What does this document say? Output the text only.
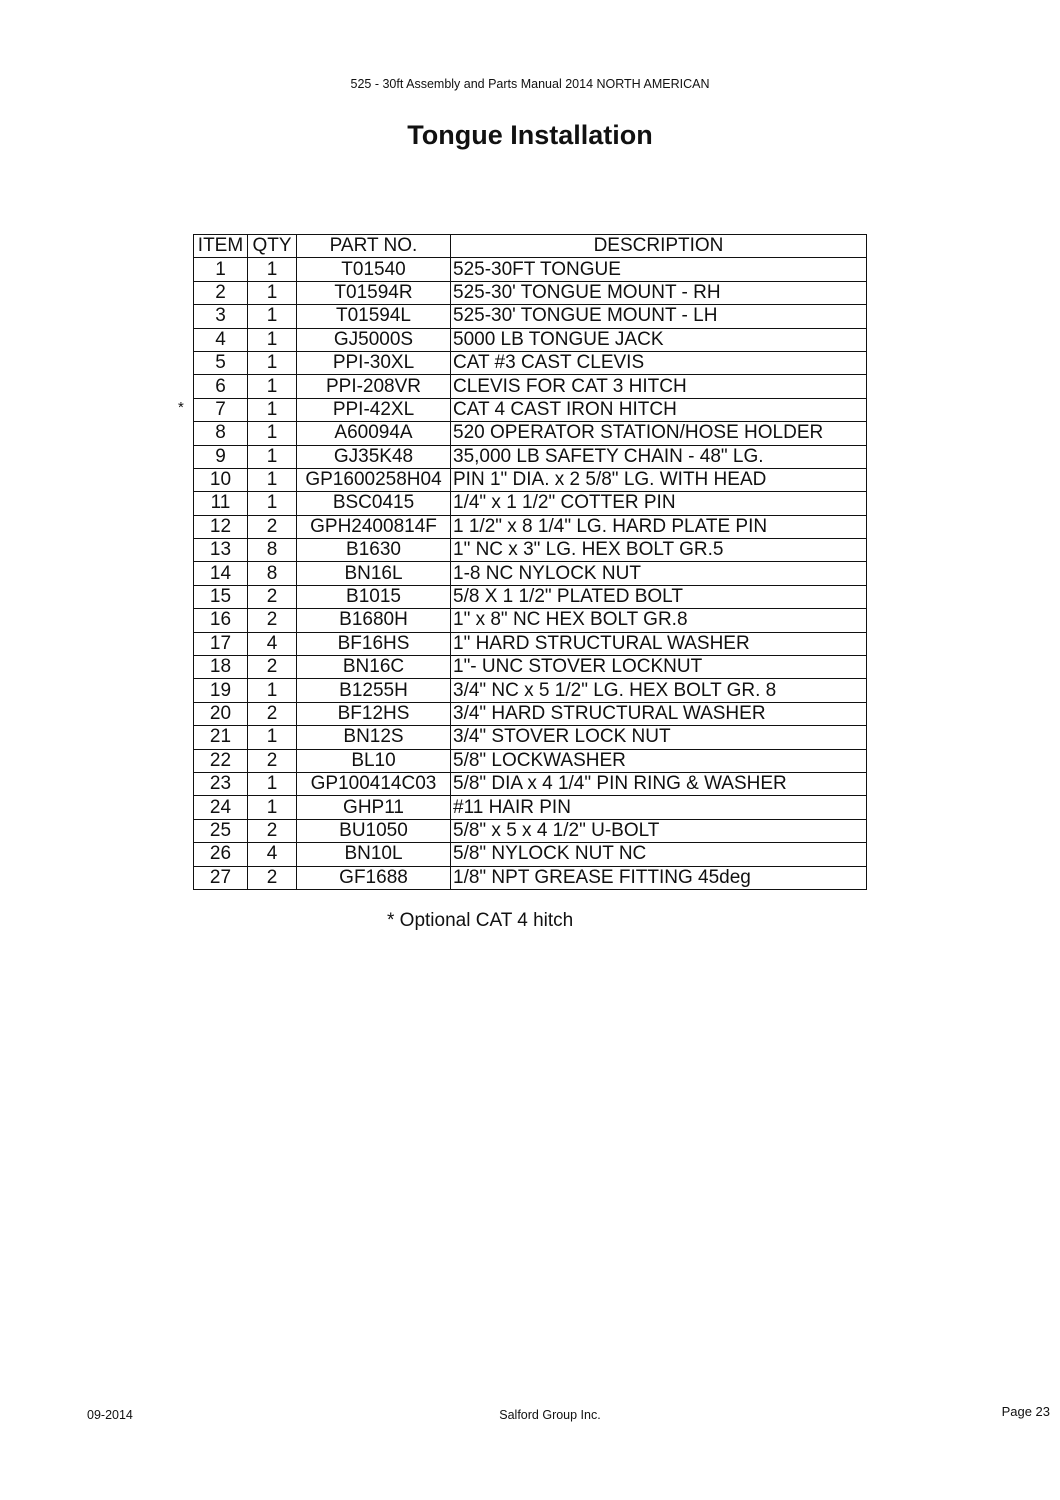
525 - 30ft Assembly and Parts Manual 2014 NORTH AMERICAN
Tongue Installation
*
ITEM	QTY	PART NO.	DESCRIPTION
1	1	T01540	525-30FT TONGUE
2	1	T01594R	525-30' TONGUE MOUNT - RH
3	1	T01594L	525-30' TONGUE MOUNT - LH
4	1	GJ5000S	5000 LB TONGUE JACK
5	1	PPI-30XL	CAT #3 CAST CLEVIS
6	1	PPI-208VR	CLEVIS FOR CAT 3 HITCH
7	1	PPI-42XL	CAT 4 CAST IRON HITCH
8	1	A60094A	520 OPERATOR STATION/HOSE HOLDER
9	1	GJ35K48	35,000 LB SAFETY CHAIN - 48" LG.
10	1	GP1600258H04	PIN 1" DIA. x 2 5/8" LG. WITH HEAD
11	1	BSC0415	1/4" x 1 1/2" COTTER PIN
12	2	GPH2400814F	1 1/2" x 8 1/4" LG. HARD PLATE PIN
13	8	B1630	1" NC x 3" LG. HEX BOLT GR.5
14	8	BN16L	1-8 NC NYLOCK NUT
15	2	B1015	5/8 X 1 1/2" PLATED BOLT
16	2	B1680H	1" x 8" NC HEX BOLT GR.8
17	4	BF16HS	1" HARD STRUCTURAL WASHER
18	2	BN16C	1"- UNC STOVER LOCKNUT
19	1	B1255H	3/4" NC x 5 1/2" LG. HEX BOLT GR. 8
20	2	BF12HS	3/4" HARD STRUCTURAL WASHER
21	1	BN12S	3/4" STOVER LOCK NUT
22	2	BL10	5/8" LOCKWASHER
23	1	GP100414C03	5/8" DIA x 4 1/4" PIN RING & WASHER
24	1	GHP11	#11 HAIR PIN
25	2	BU1050	5/8" x 5 x 4 1/2" U-BOLT
26	4	BN10L	5/8" NYLOCK NUT NC
27	2	GF1688	1/8" NPT GREASE FITTING 45deg
* Optional CAT 4 hitch
09-2014	Salford Group Inc.	Page 23
